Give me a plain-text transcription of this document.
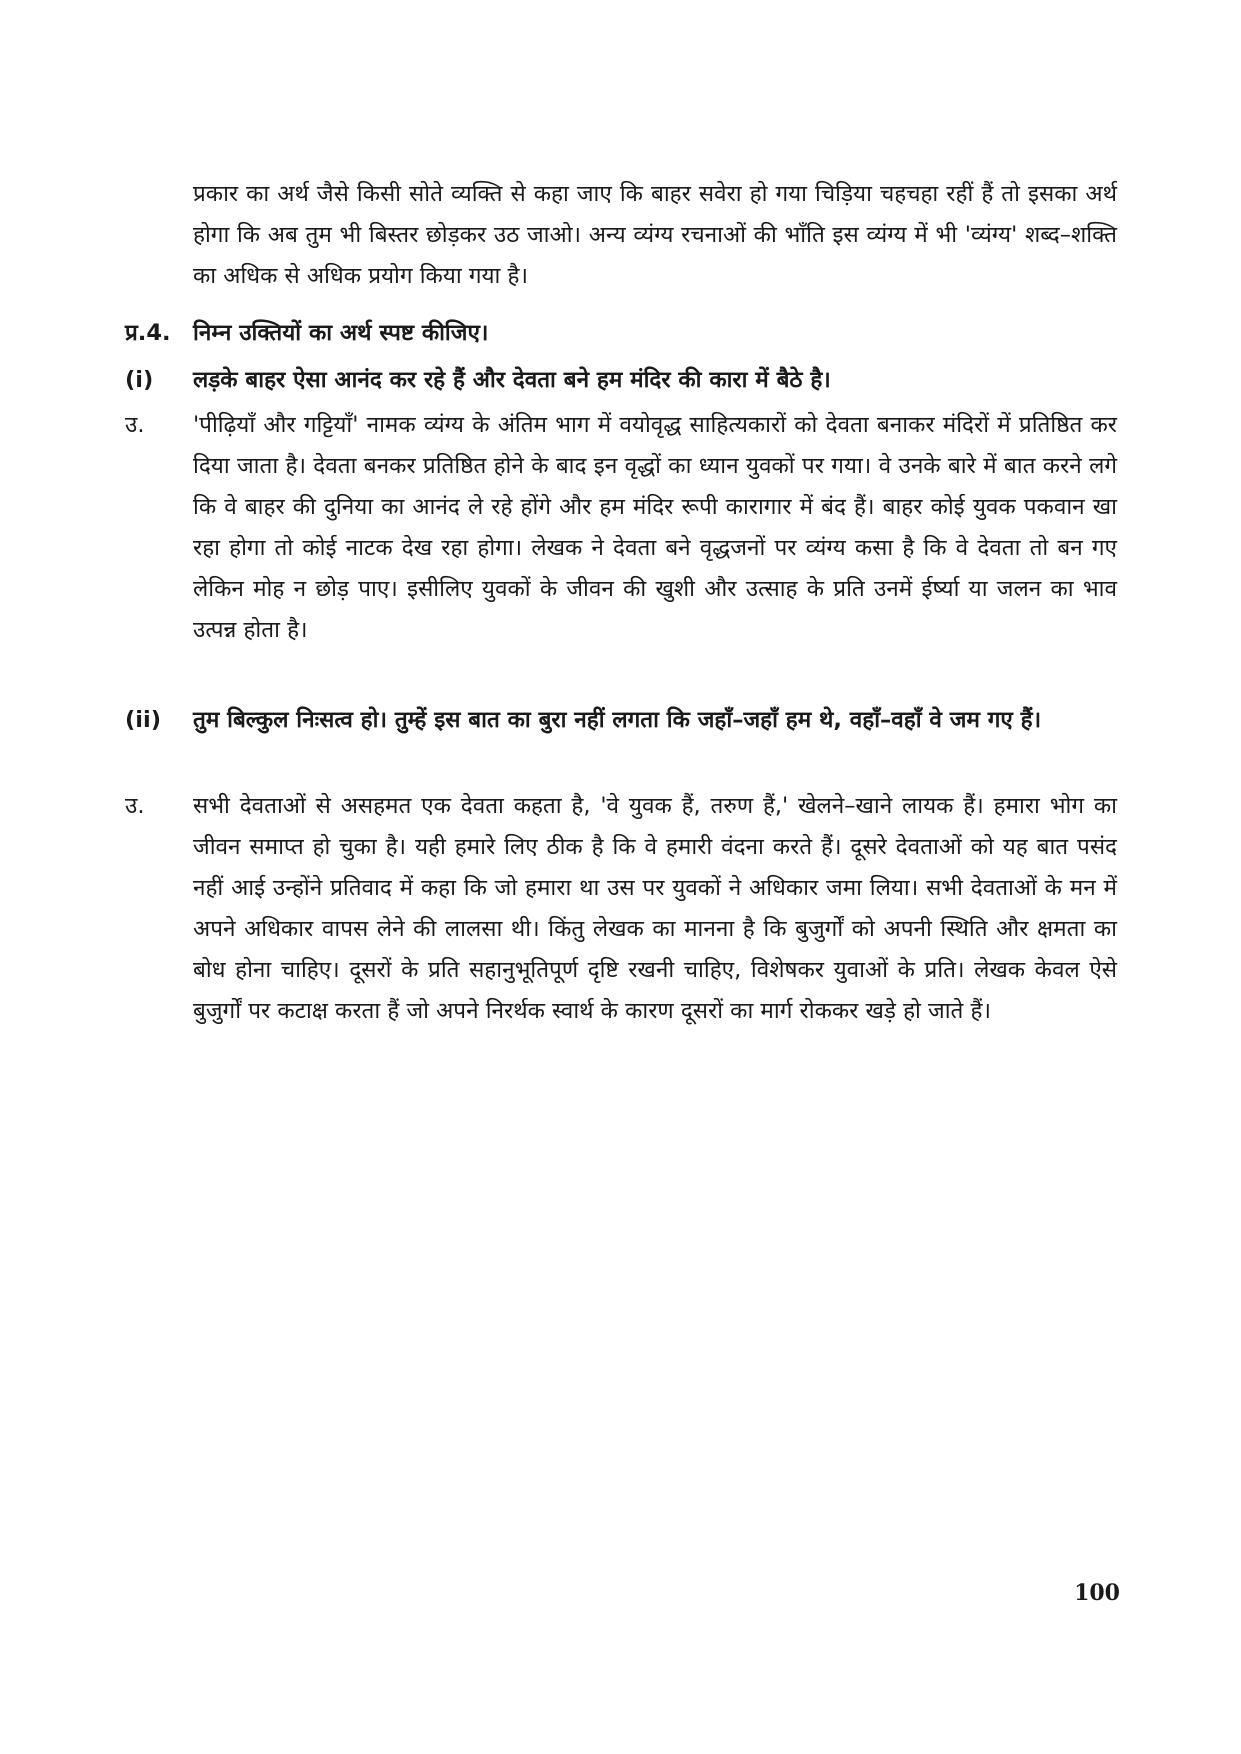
प्रकार का अर्थ जैसे किसी सोते व्यक्ति से कहा जाए कि बाहर सवेरा हो गया चिड़िया चहचहा रहीं हैं तो इसका अर्थ होगा कि अब तुम भी बिस्तर छोड़कर उठ जाओ। अन्य व्यंग्य रचनाओं की भाँति इस व्यंग्य में भी 'व्यंग्य' शब्द–शक्ति का अधिक से अधिक प्रयोग किया गया है।
प्र.4. निम्न उक्तियों का अर्थ स्पष्ट कीजिए।
(i) लड़के बाहर ऐसा आनंद कर रहे हैं और देवता बने हम मंदिर की कारा में बैठे है।
उ. 'पीढ़ियाँ और गट्टियाँ' नामक व्यंग्य के अंतिम भाग में वयोवृद्ध साहित्यकारों को देवता बनाकर मंदिरों में प्रतिष्ठित कर दिया जाता है। देवता बनकर प्रतिष्ठित होने के बाद इन वृद्धों का ध्यान युवकों पर गया। वे उनके बारे में बात करने लगे कि वे बाहर की दुनिया का आनंद ले रहे होंगे और हम मंदिर रूपी कारागार में बंद हैं। बाहर कोई युवक पकवान खा रहा होगा तो कोई नाटक देख रहा होगा। लेखक ने देवता बने वृद्धजनों पर व्यंग्य कसा है कि वे देवता तो बन गए लेकिन मोह न छोड़ पाए। इसीलिए युवकों के जीवन की खुशी और उत्साह के प्रति उनमें ईर्ष्या या जलन का भाव उत्पन्न होता है।
(ii) तुम बिल्कुल निःसत्व हो। तुम्हें इस बात का बुरा नहीं लगता कि जहाँ–जहाँ हम थे, वहाँ–वहाँ वे जम गए हैं।
उ. सभी देवताओं से असहमत एक देवता कहता है, 'वे युवक हैं, तरुण हैं,' खेलने–खाने लायक हैं। हमारा भोग का जीवन समाप्त हो चुका है। यही हमारे लिए ठीक है कि वे हमारी वंदना करते हैं। दूसरे देवताओं को यह बात पसंद नहीं आई उन्होंने प्रतिवाद में कहा कि जो हमारा था उस पर युवकों ने अधिकार जमा लिया। सभी देवताओं के मन में अपने अधिकार वापस लेने की लालसा थी। किंतु लेखक का मानना है कि बुजुर्गों को अपनी स्थिति और क्षमता का बोध होना चाहिए। दूसरों के प्रति सहानुभूतिपूर्ण दृष्टि रखनी चाहिए, विशेषकर युवाओं के प्रति। लेखक केवल ऐसे बुजुर्गों पर कटाक्ष करता हैं जो अपने निरर्थक स्वार्थ के कारण दूसरों का मार्ग रोककर खड़े हो जाते हैं।
100
